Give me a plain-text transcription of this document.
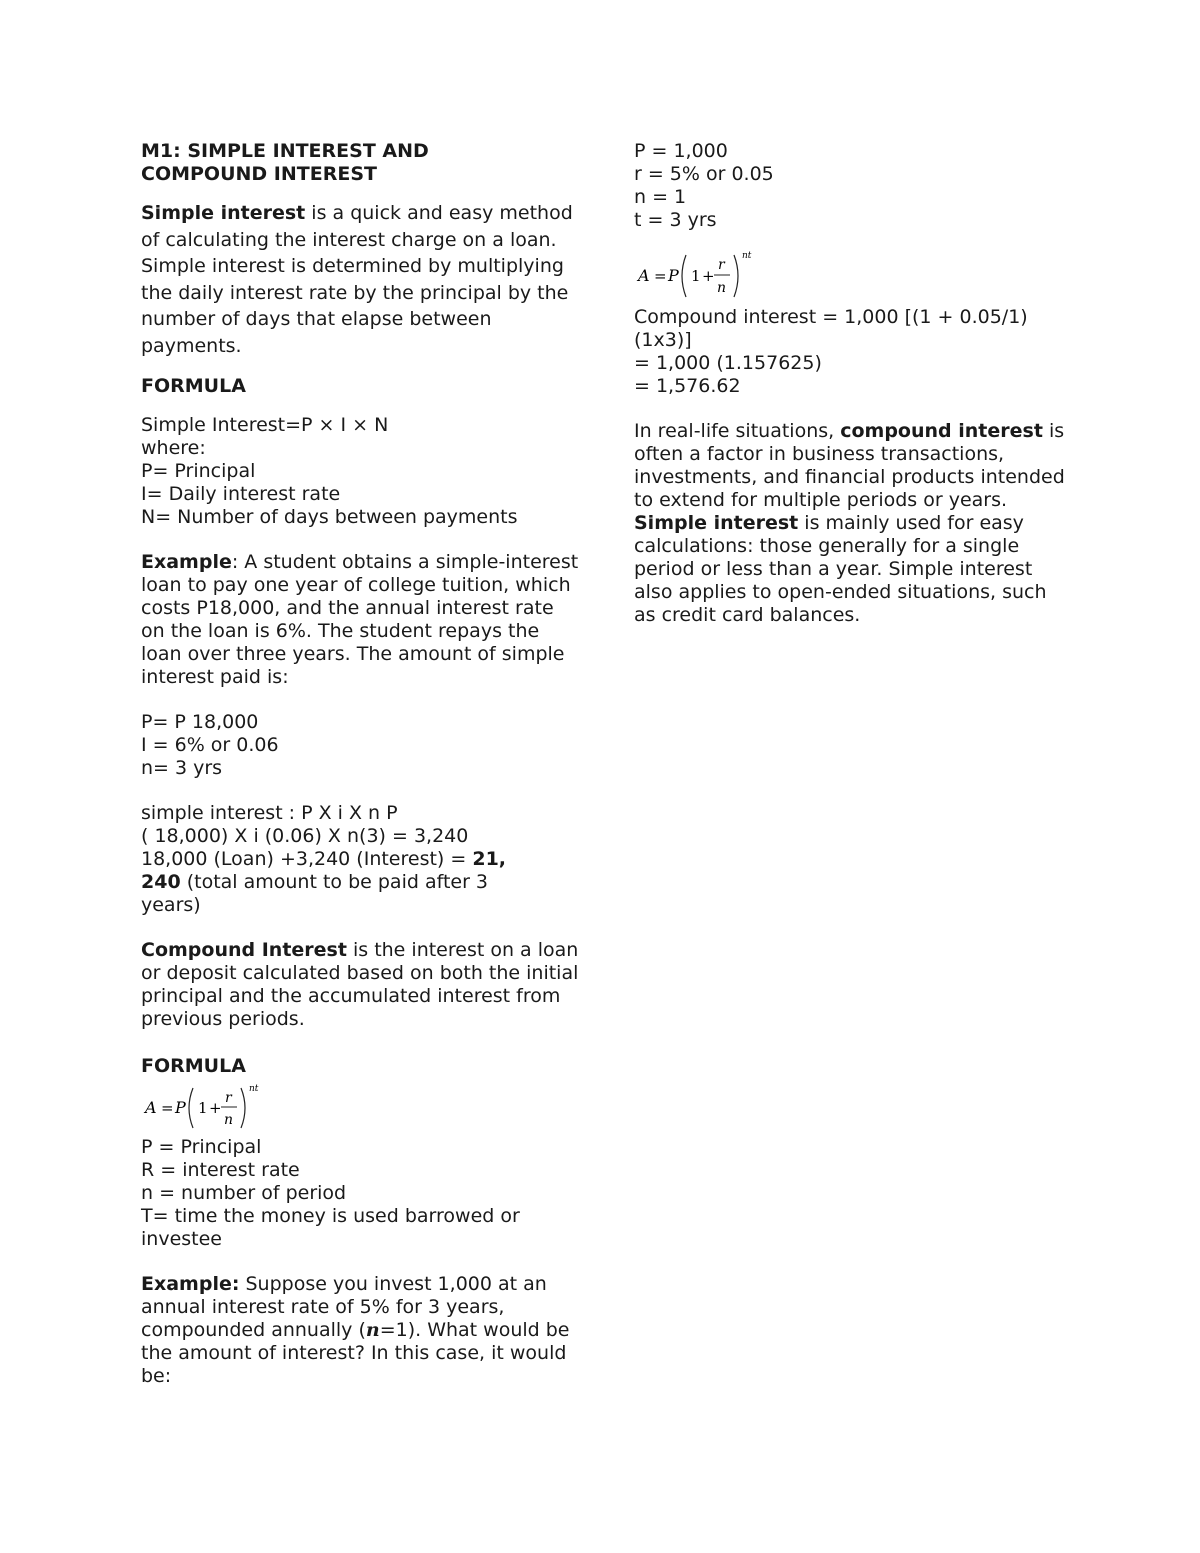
M1: SIMPLE INTEREST AND
COMPOUND INTEREST

Simple interest is a quick and easy method of calculating the interest charge on a loan. Simple interest is determined by multiplying the daily interest rate by the principal by the number of days that elapse between payments.

FORMULA

Simple Interest=P × I × N
where:
P= Principal
I= Daily interest rate
N= Number of days between payments

Example: A student obtains a simple-interest loan to pay one year of college tuition, which costs P18,000, and the annual interest rate on the loan is 6%. The student repays the loan over three years. The amount of simple interest paid is:

P= P 18,000
I = 6% or 0.06
n= 3 yrs
simple interest : P X i X n P
( 18,000) X i (0.06) X n(3) = 3,240
18,000 (Loan) +3,240 (Interest) = 21,
240 (total amount to be paid after 3
years)

Compound Interest is the interest on a loan or deposit calculated based on both the initial principal and the accumulated interest from previous periods.

FORMULA

A = P 1 +
r
n
nt
P = Principal
R = interest rate
n = number of period
T= time the money is used barrowed or
investee

Example: Suppose you invest 1,000 at an annual interest rate of 5% for 3 years, compounded annually (n=1). What would be the amount of interest? In this case, it would be:

P = 1,000
r = 5% or 0.05
n = 1
t = 3 yrs
A = P 1 +
r
n
nt
Compound interest = 1,000 [(1 + 0.05/1)
(1x3)]
= 1,000 (1.157625)
= 1,576.62

In real-life situations, compound interest is often a factor in business transactions, investments, and financial products intended to extend for multiple periods or years. Simple interest is mainly used for easy calculations: those generally for a single period or less than a year. Simple interest also applies to open-ended situations, such as credit card balances.
